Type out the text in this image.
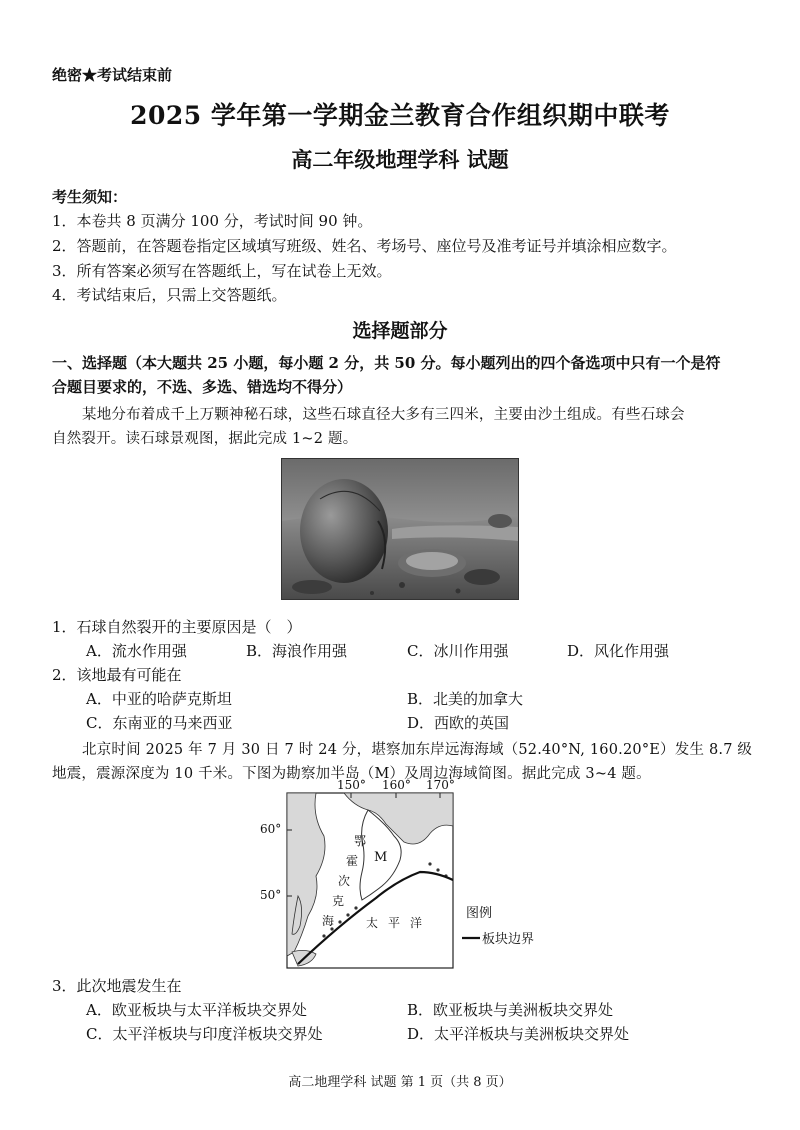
绝密★考试结束前
2025 学年第一学期金兰教育合作组织期中联考
高二年级地理学科 试题
考生须知：
1．本卷共 8 页满分 100 分，考试时间 90 钟。
2．答题前，在答题卷指定区域填写班级、姓名、考场号、座位号及准考证号并填涂相应数字。
3．所有答案必须写在答题纸上，写在试卷上无效。
4．考试结束后，只需上交答题纸。
选择题部分
一、选择题（本大题共 25 小题，每小题 2 分，共 50 分。每小题列出的四个备选项中只有一个是符
合题目要求的，不选、多选、错选均不得分）
某地分布着成千上万颗神秘石球，这些石球直径大多有三四米，主要由沙土组成。有些石球会
自然裂开。读石球景观图，据此完成 1~2 题。
1．石球自然裂开的主要原因是（　）
A．流水作用强	B．海浪作用强	C．冰川作用强	D．风化作用强
2．该地最有可能在
A．中亚的哈萨克斯坦	B．北美的加拿大
C．东南亚的马来西亚	D．西欧的英国
北京时间 2025 年 7 月 30 日 7 时 24 分，堪察加东岸远海海域（52.40°N, 160.20°E）发生 8.7 级
地震，震源深度为 10 千米。下图为勘察加半岛（M）及周边海域简图。据此完成 3~4 题。
150° 160° 170°
60°
50°
M
鄂
霍
次
克
海	太 平 洋
图例
板块边界
3．此次地震发生在
A．欧亚板块与太平洋板块交界处	B．欧亚板块与美洲板块交界处
C．太平洋板块与印度洋板块交界处	D．太平洋板块与美洲板块交界处
高二地理学科 试题 第 1 页（共 8 页）
